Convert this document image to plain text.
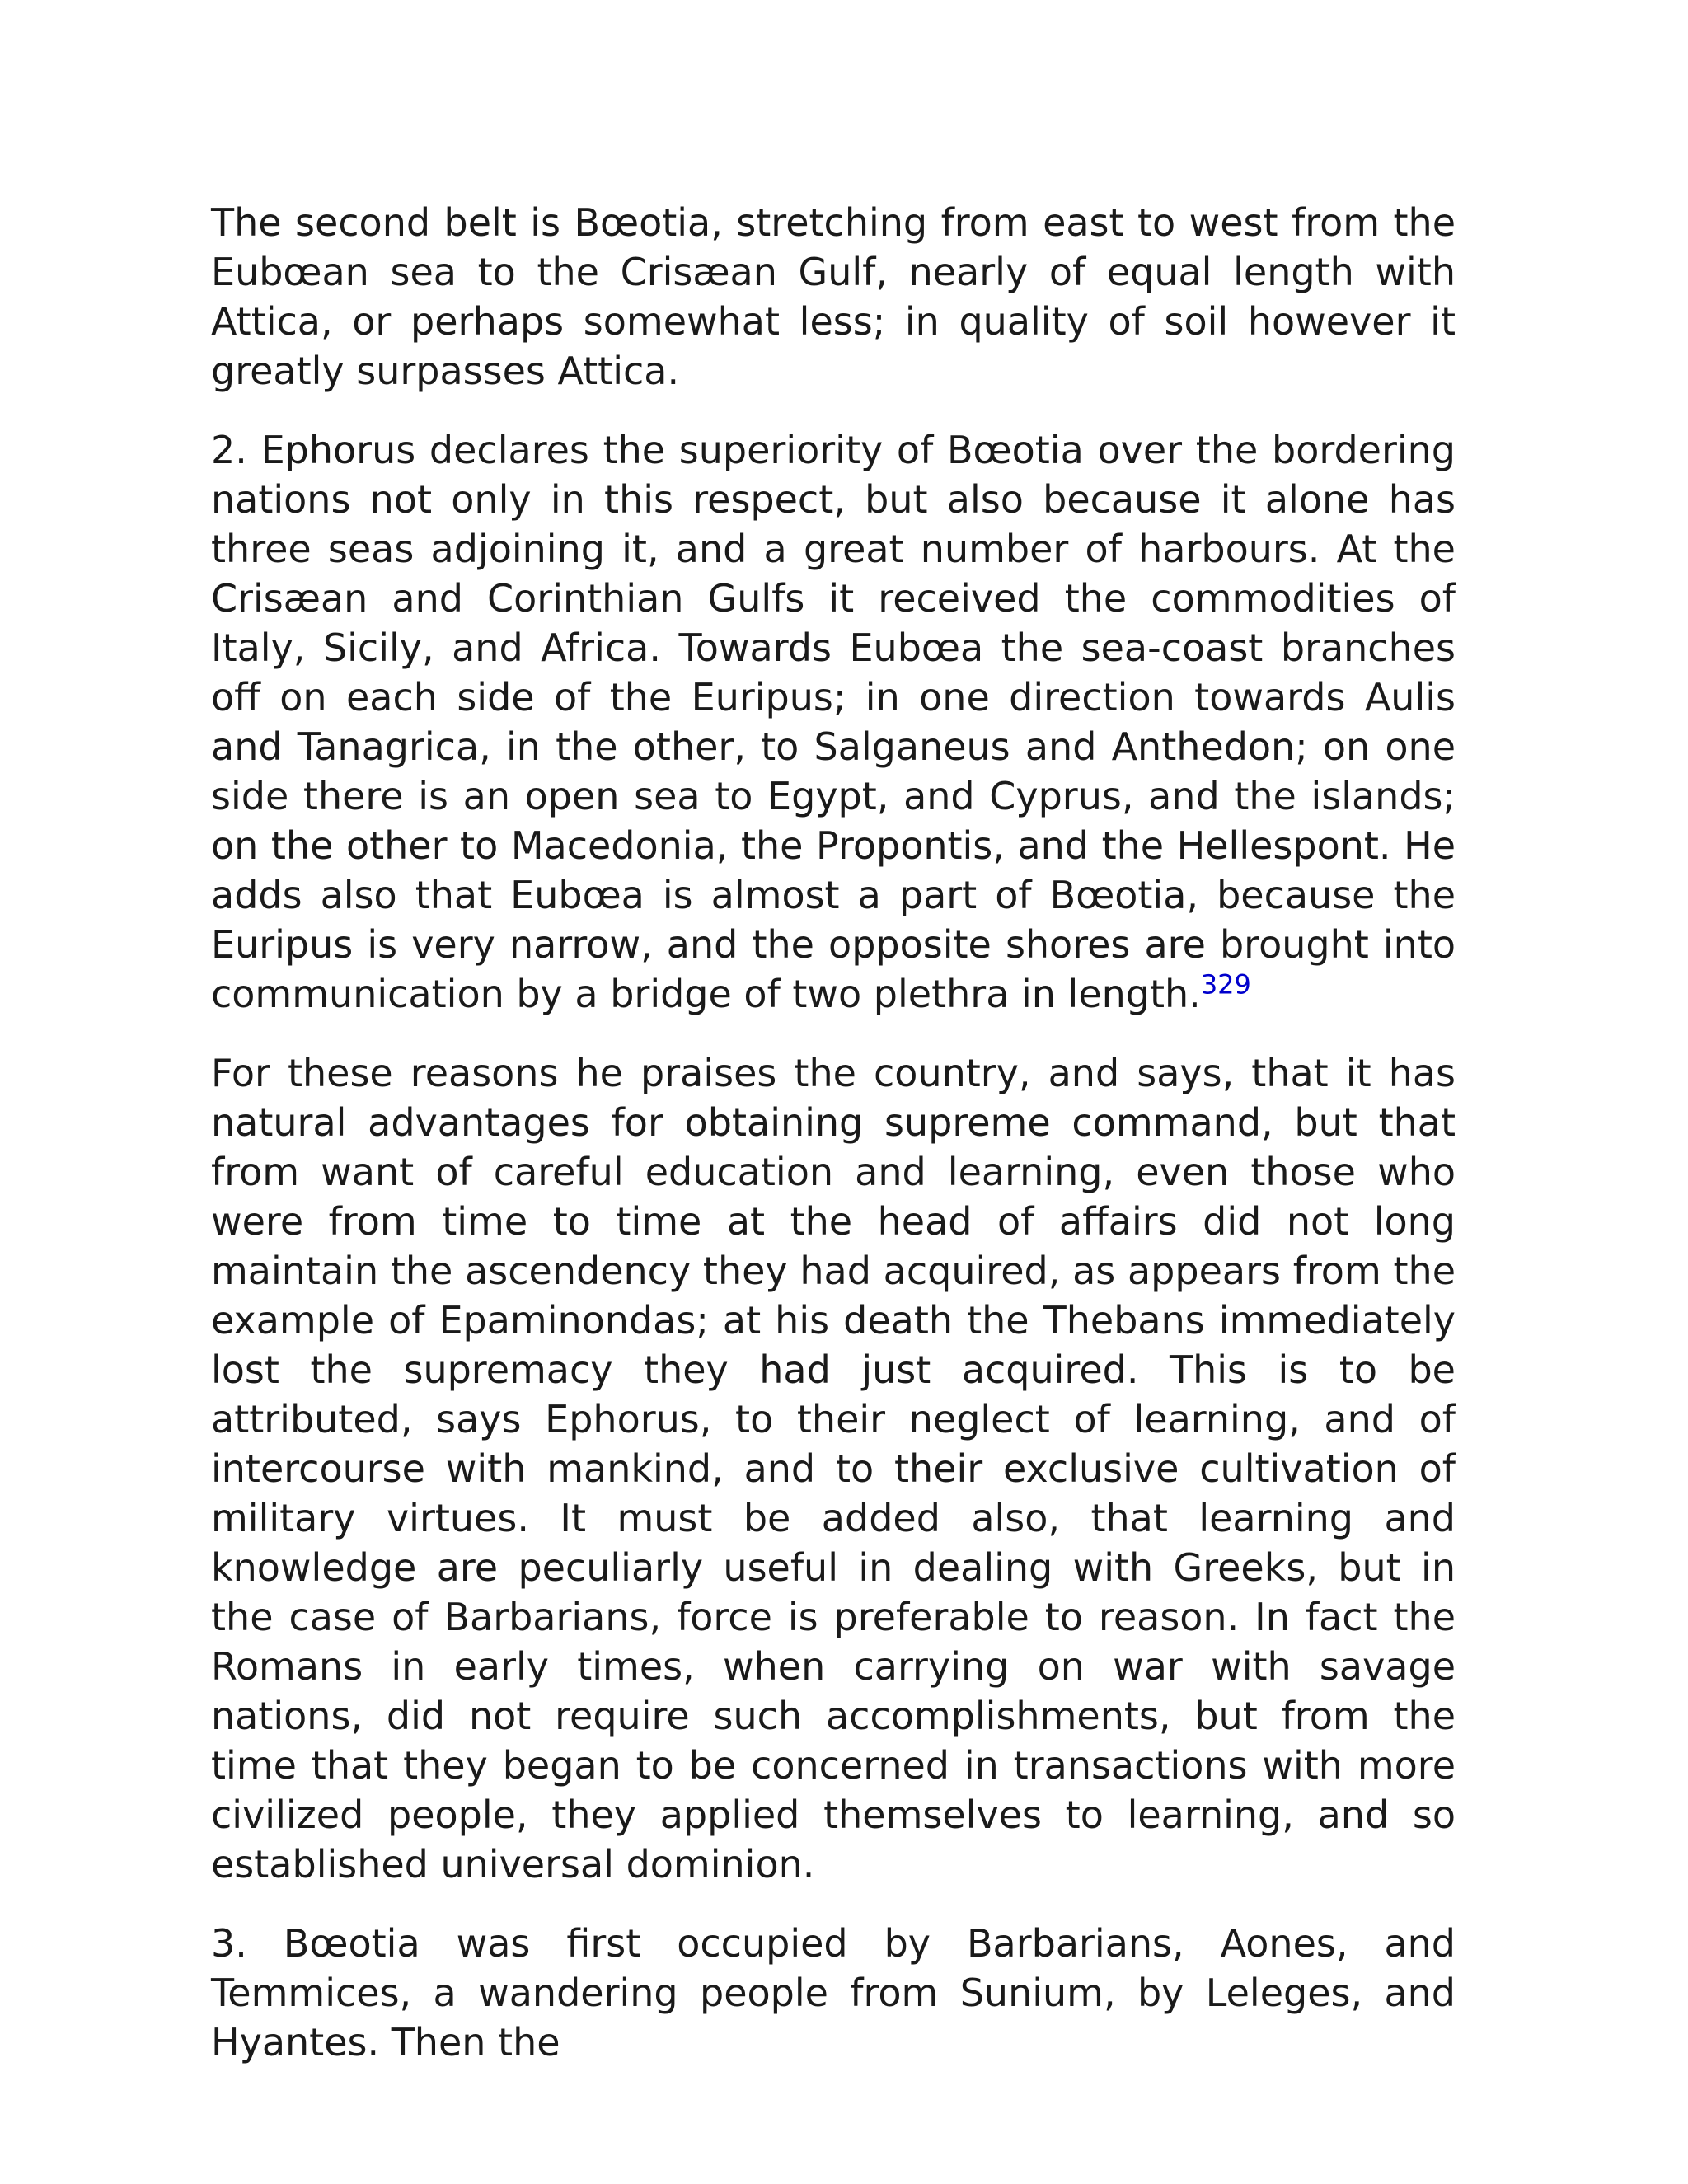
The second belt is Bœotia, stretching from east to west from the Eubœan sea to the Crisæan Gulf, nearly of equal length with Attica, or perhaps somewhat less; in quality of soil however it greatly surpasses Attica.

2. Ephorus declares the superiority of Bœotia over the bordering nations not only in this respect, but also because it alone has three seas adjoining it, and a great number of harbours. At the Crisæan and Corinthian Gulfs it received the commodities of Italy, Sicily, and Africa. Towards Eubœa the sea-coast branches off on each side of the Euripus; in one direction towards Aulis and Tanagrica, in the other, to Salganeus and Anthedon; on one side there is an open sea to Egypt, and Cyprus, and the islands; on the other to Macedonia, the Propontis, and the Hellespont. He adds also that Eubœa is almost a part of Bœotia, because the Euripus is very narrow, and the opposite shores are brought into communication by a bridge of two plethra in length.$^{329}$

For these reasons he praises the country, and says, that it has natural advantages for obtaining supreme command, but that from want of careful education and learning, even those who were from time to time at the head of affairs did not long maintain the ascendency they had acquired, as appears from the example of Epaminondas; at his death the Thebans immediately lost the supremacy they had just acquired. This is to be attributed, says Ephorus, to their neglect of learning, and of intercourse with mankind, and to their exclusive cultivation of military virtues. It must be added also, that learning and knowledge are peculiarly useful in dealing with Greeks, but in the case of Barbarians, force is preferable to reason. In fact the Romans in early times, when carrying on war with savage nations, did not require such accomplishments, but from the time that they began to be concerned in transactions with more civilized people, they applied themselves to learning, and so established universal dominion.

3. Bœotia was first occupied by Barbarians, Aones, and Temmices, a wandering people from Sunium, by Leleges, and Hyantes. Then the
